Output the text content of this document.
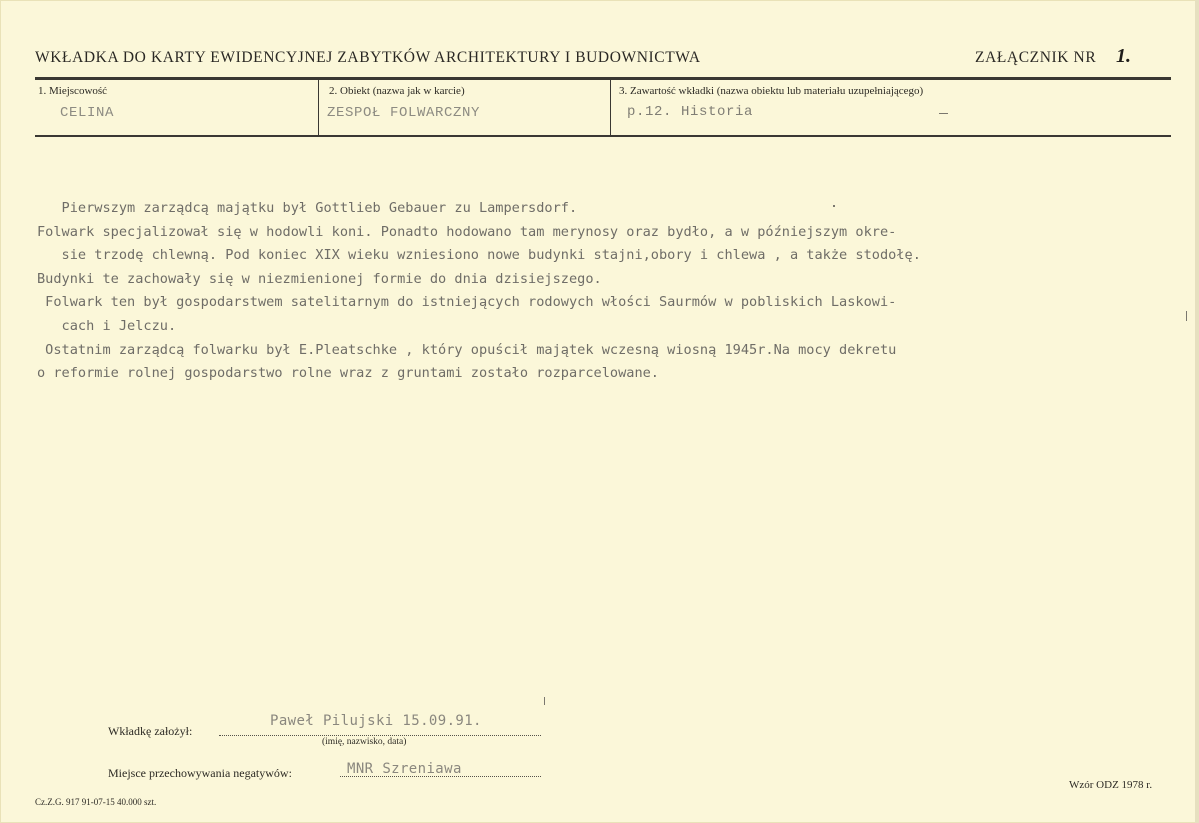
WKŁADKA DO KARTY EWIDENCYJNEJ ZABYTKÓW ARCHITEKTURY I BUDOWNICTWA	ZAŁĄCZNIK NR 1.
1. Miejscowość
CELINA
2. Obiekt (nazwa jak w karcie)
ZESPOŁ FOLWARCZNY
3. Zawartość wkładki (nazwa obiektu lub materiału uzupełniającego)
p.12. Historia
Pierwszym zarządcą majątku był Gottlieb Gebauer zu Lampersdorf.
Folwark specjalizował się w hodowli koni. Ponadto hodowano tam merynosy oraz bydło, a w późniejszym okre-
sie trzodę chlewną. Pod koniec XIX wieku wzniesiono nowe budynki stajni,obory i chlewa , a także stodołę.
Budynki te zachowały się w niezmienionej formie do dnia dzisiejszego.
Folwark ten był gospodarstwem satelitarnym do istniejących rodowych włości Saurmów w pobliskich Laskowi-
cach i Jelczu.
Ostatnim zarządcą folwarku był E.Pleatschke , który opuścił majątek wczesną wiosną 1945r.Na mocy dekretu
o reformie rolnej gospodarstwo rolne wraz z gruntami zostało rozparcelowane.
Wkładkę założył:
Paweł Pilujski 15.09.91.
(imię, nazwisko, data)
Miejsce przechowywania negatywów:	MNR Szreniawa
Cz.Z.G. 917 91-07-15 40.000 szt.
Wzór ODZ 1978 r.
